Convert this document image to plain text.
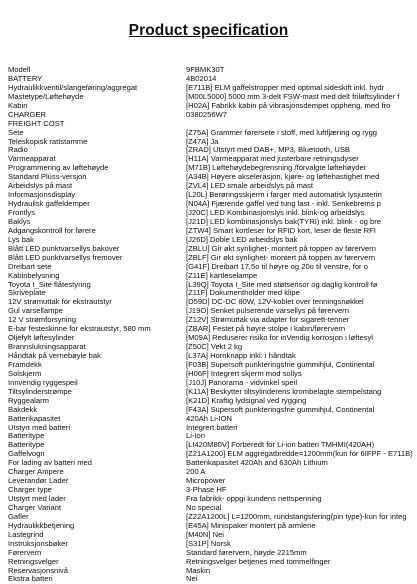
Product specification
Modell	9FBMK30T
BATTERY	4B02014
Hydraulikkventil/slangeføring/aggregat	[E711B] ELM gaffelstropper med optimal sideskift inkl. hydr
Mastetype/Løftehøyde	[M00L5000] 5000 mm 3-delt FSW-mast med delt friløftsylinder f
Kabin	[H02A] Fabrikk kabin på vibrasjonsdempet oppheng, med fro
CHARGER	0380256W7
FREIGHT COST
Sete	[Z75A] Grammer førersete i stoff, med luftfjæring og rygg
Teleskopisk rattstamme	[Z47A] Ja
Radio	[ZRAD] Utstyrt med DAB+, MP3, Bluetooth, USB
Varmeapparat	[H11A] Varmeapparat med justerbare retningsdyser
Programmering av løftehøyde	[M71B] Løftehøydebegrensning /forvalgte løftehøyder
Standard Pluss-versjon	[A34B] Høyere akselerasjon, kjøre- og løftehastighet med
Arbeidslys på mast	[ZVL4] LED smale arbeidslys på mast
Informasjonsdisplay	[L20L] Berøringsskjerm i farger med automatisk lysjusterin
Hydraulisk gaffeldemper	[N04A] Fjærende gaffel ved tung last - inkl. Senkebrems p
Frontlys	[J20C] LED Kombinasjonslys inkl. blink-og arbeidslys
Baklys	[J21D] LED kombinasjonslys bak(TYRI) inkl. blink - og bre
Adgangskontroll for førere	[ZTW4] Smart kortleser for RFID kort, leser de fleste RFI
Lys bak	[J26D] Doble LED arbeidslys bak
Blått LED punktvarsellys bakover	[ZBLU] Gir økt synlighet- montert på toppen av førervern
Blått LED punktvarsellys fremover	[ZBLF] Gir økt synlighet- montert på toppen av førervern
Dreibart sete	[G41F] Dreibart 17,5o til høyre og 20o til venstre, for o
Kabinbelysning	[Z11E] kartleselampe
Toyota I_Site flåtestyring	[L39Q] Toyota I_Site med støtsensor og daglig kontroll fø
Skriveplate	[Z11F] Dokumentholder med klipe
12V strømuttak for ekstrautstyr	[D59D] DC-DC 80W, 12V-koblet over tenningsnøkkel
Gul varsellampe	[J19O] Senket pulserende varsellys på førervern
12 V strømforsyning	[Z12V] Strømuttak via adapter for sigarett-tenner
E-bar festeskinne for ekstrautstyr, 580 mm	[ZBAR] Festet på høyre stolpe i kabin/førervern
Oljefylt løftesylinder	[M09A] Reduserer risiko for inVendig korrosjon i løftesyl
Brannslukningsapparat	[Z50C] Vekt 2 kg
Håndtak på vernebøyle bak	[L37A] Hornknapp inkl. i håndtak
Framdekk	[F03B] Supersoft punkteringsfrie gummihjul, Continental
Solskjerm	[H06F] Integrert skjerm mod sollys
Innvendig ryggespeil	[J10J] Panorama - vidvinkel speil
Tiltsylinderstrømpe	[K11A] Beskytter tiltsylinderens krombelagte stempelstang
Ryggealarm	[K21D] Kraftig lydsignal ved rygging
Bakdekk	[F43A] Supersoft punkteringsfrie gummihjul, Continental
Batterikapasitet	420Ah Li-ION
Utstyrt med batteri	Integrert batteri
Batteritype	Li-Ion
Batteritype	[LI420M80V] Forberedt for Li-ion batteri TMHMI(420AH)
Gaffelvogn	[Z21A1200] ELM aggregatbredde=1200mm(kun for 6IFPF - E711B)
For lading av batteri med	Batterikapasitet 420Ah and 630Ah Lithium
Charger Ampere	200 A
Leverandør Lader	Micropower
Charger type	3-Phase HF
Utstyrt med lader	Fra fabrikk- oppgi kundens nettspenning
Charger Variant	No special
Gafler	[Z22A1200L] L=1200mm, rundstangsfering(pin type)-kun for integ
Hydraulikkbetjening	[E45A] Minispaker montert på armlene
Lastegrind	[M40N] Nei
Instruksjonsbøker	[S31P] Norsk
Førervern	Standard førervern, høyde 2215mm
Retningsvelger	Retningsvelger betjenes med tommelfinger
Reservasjonsnivå	Maskin
Ekstra batteri	Nei
